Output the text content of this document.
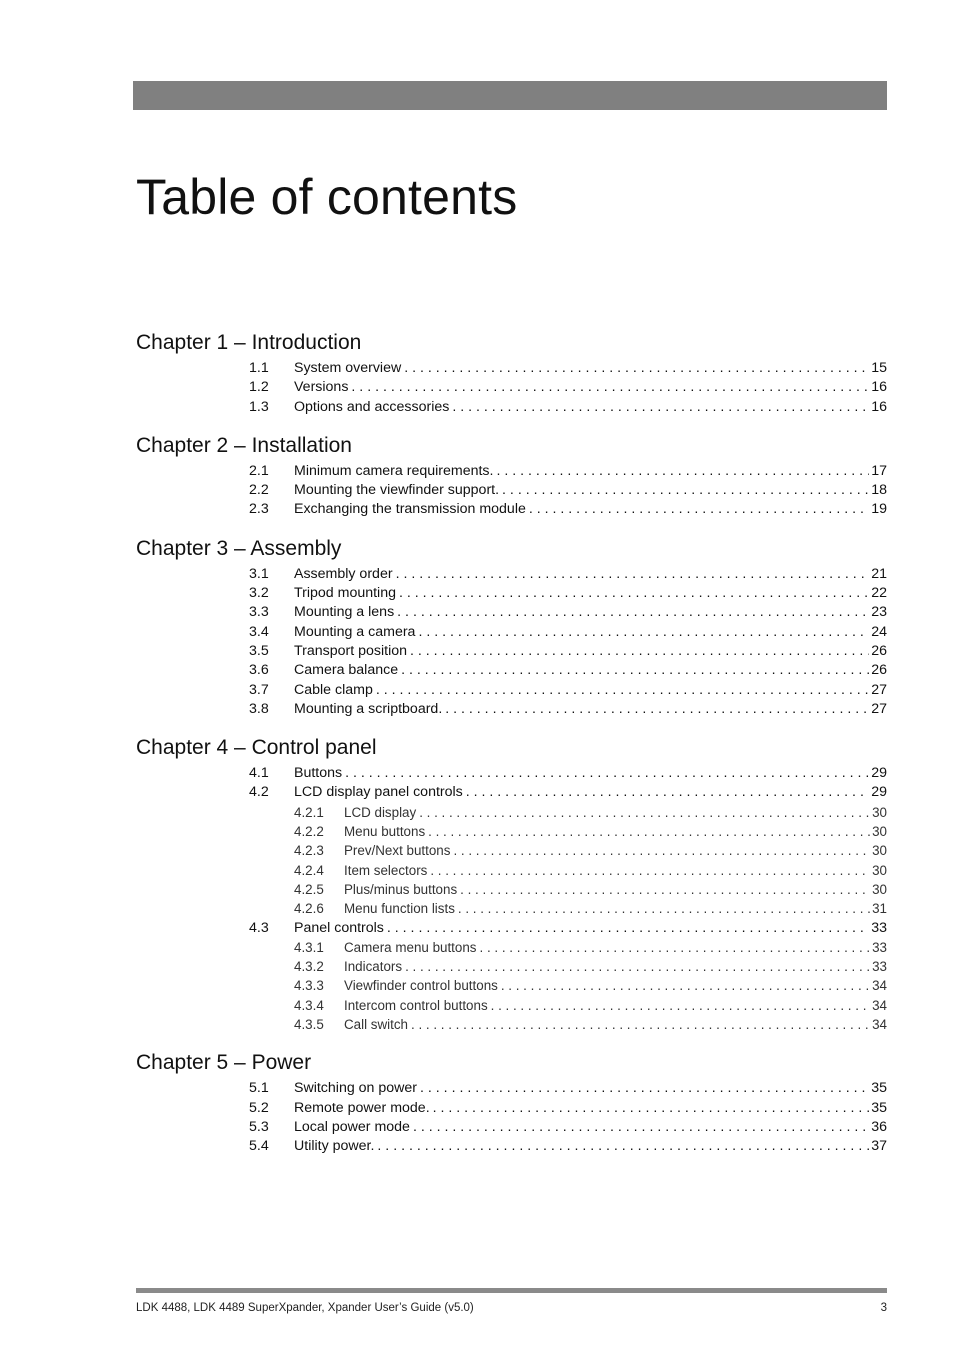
Table of contents
Chapter 1 – Introduction
1.1	System overview . . .	15
1.2	Versions . . .	16
1.3	Options and accessories . . .	16
Chapter 2 – Installation
2.1	Minimum camera requirements. . . .	17
2.2	Mounting the viewfinder support. . . .	18
2.3	Exchanging the transmission module . . .	19
Chapter 3 – Assembly
3.1	Assembly order . . .	21
3.2	Tripod mounting . . .	22
3.3	Mounting a lens . . .	23
3.4	Mounting a camera . . .	24
3.5	Transport position . . .	26
3.6	Camera balance . . .	26
3.7	Cable clamp . . .	27
3.8	Mounting a scriptboard. . . .	27
Chapter 4 – Control panel
4.1	Buttons . . .	29
4.2	LCD display panel controls . . .	29
4.2.1	LCD display . . .	30
4.2.2	Menu buttons . . .	30
4.2.3	Prev/Next buttons . . .	30
4.2.4	Item selectors . . .	30
4.2.5	Plus/minus buttons . . .	30
4.2.6	Menu function lists . . .	31
4.3	Panel controls . . .	33
4.3.1	Camera menu buttons . . .	33
4.3.2	Indicators . . .	33
4.3.3	Viewfinder control buttons . . .	34
4.3.4	Intercom control buttons . . .	34
4.3.5	Call switch . . .	34
Chapter 5 – Power
5.1	Switching on power . . .	35
5.2	Remote power mode. . . .	35
5.3	Local power mode . . .	36
5.4	Utility power. . . .	37
LDK 4488, LDK 4489 SuperXpander, Xpander User’s Guide (v5.0)	3
